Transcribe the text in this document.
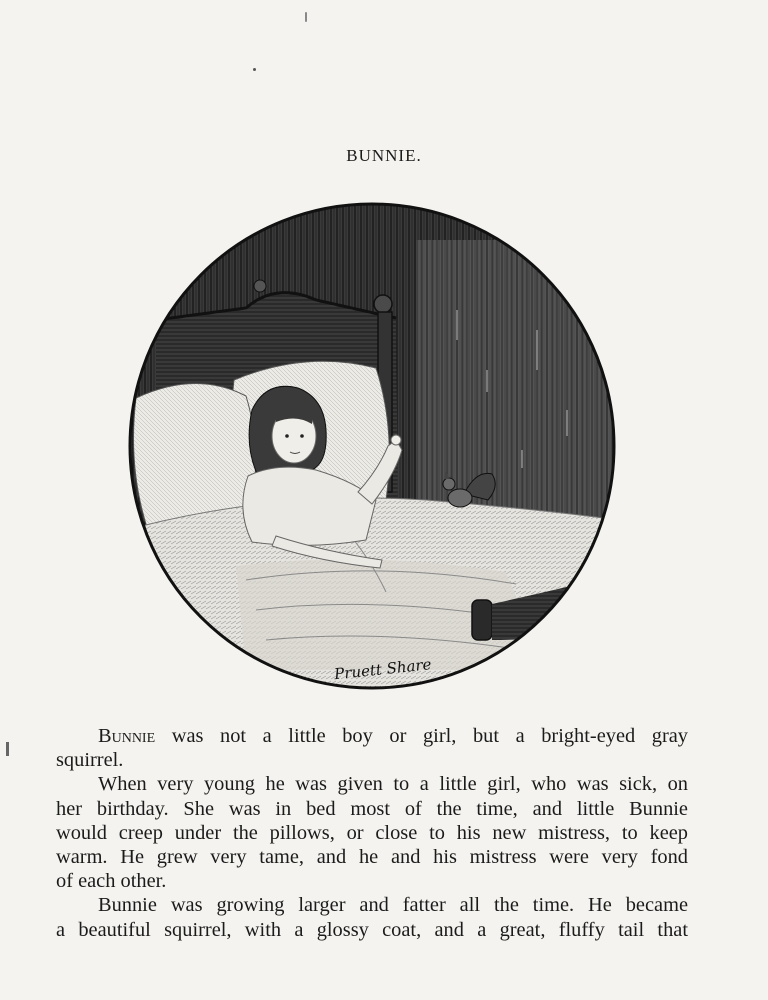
BUNNIE.
Pruett Share
Bunnie was not a little boy or girl, but a bright-eyed gray
squirrel.
When very young he was given to a little girl, who was sick, on
her birthday. She was in bed most of the time, and little Bunnie
would creep under the pillows, or close to his new mistress, to keep
warm. He grew very tame, and he and his mistress were very fond
of each other.
Bunnie was growing larger and fatter all the time. He became
a beautiful squirrel, with a glossy coat, and a great, fluffy tail that
